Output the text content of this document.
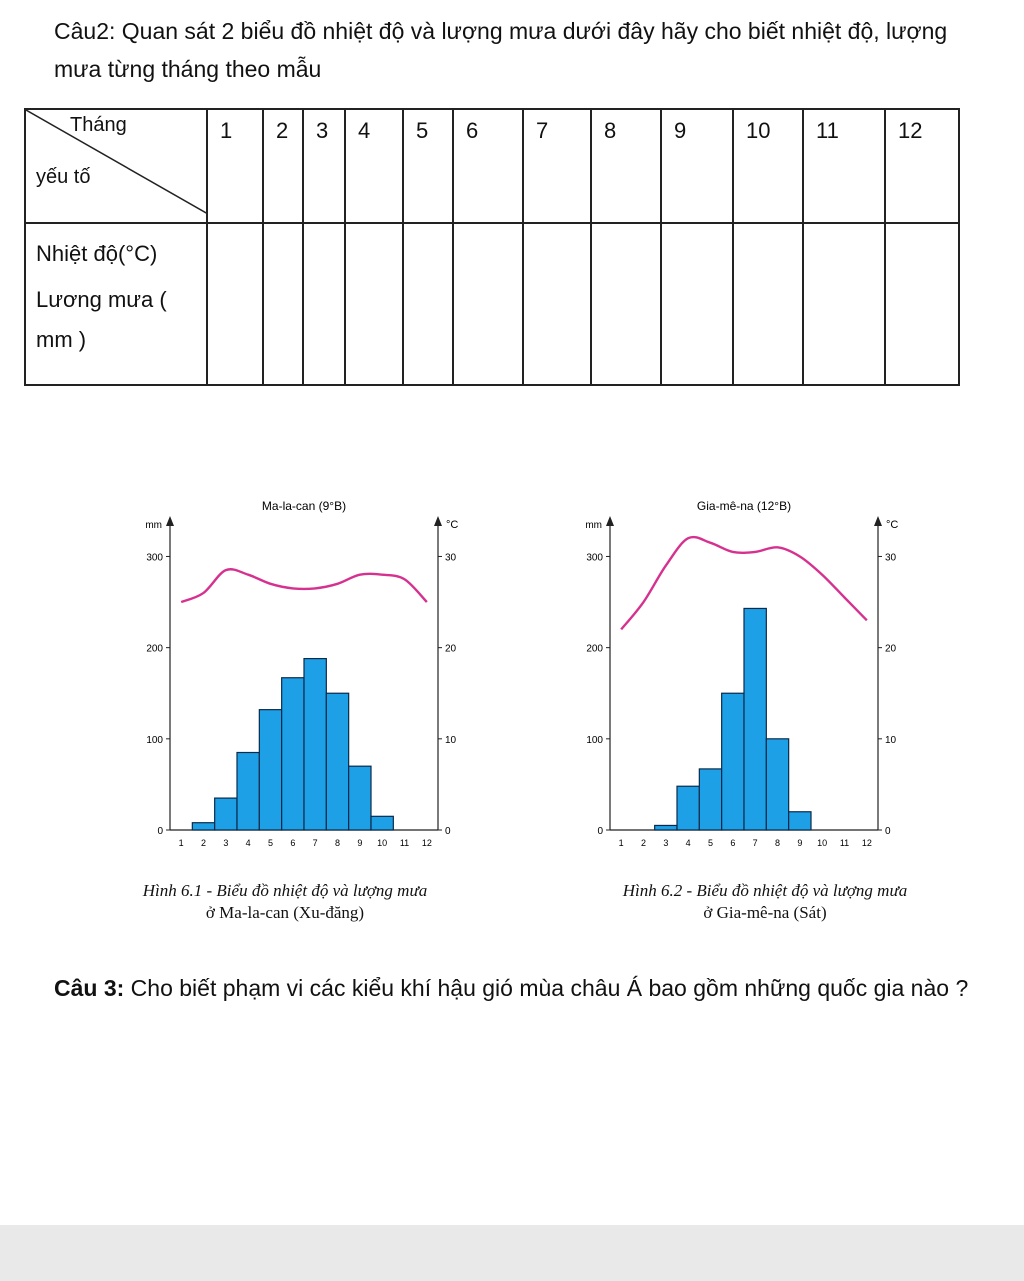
Câu2: Quan sát 2 biểu đồ nhiệt độ và lượng mưa dưới đây hãy cho biết nhiệt độ, lượng mưa từng tháng theo mẫu

Tháng
yếu tố	1	2	3	4	5	6	7	8	9	10	11	12

Nhiệt độ(°C)
Lương mưa ( mm )												

Ma-la-can (9°B)
mm	°C
0
100
200
300
0
10
20
30
1 2 3 4 5 6 7 8 9 10 11 12
Gia-mê-na (12°B)
mm	°C
0
100
200
300
0
10
20
30
1 2 3 4 5 6 7 8 9 10 11 12
Hình 6.1 - Biểu đồ nhiệt độ và lượng mưa
ở Ma-la-can (Xu-đăng)
Hình 6.2 - Biểu đồ nhiệt độ và lượng mưa
ở Gia-mê-na (Sát)

Câu 3: Cho biết phạm vi các kiểu khí hậu gió mùa châu Á bao gồm những quốc gia nào ?
